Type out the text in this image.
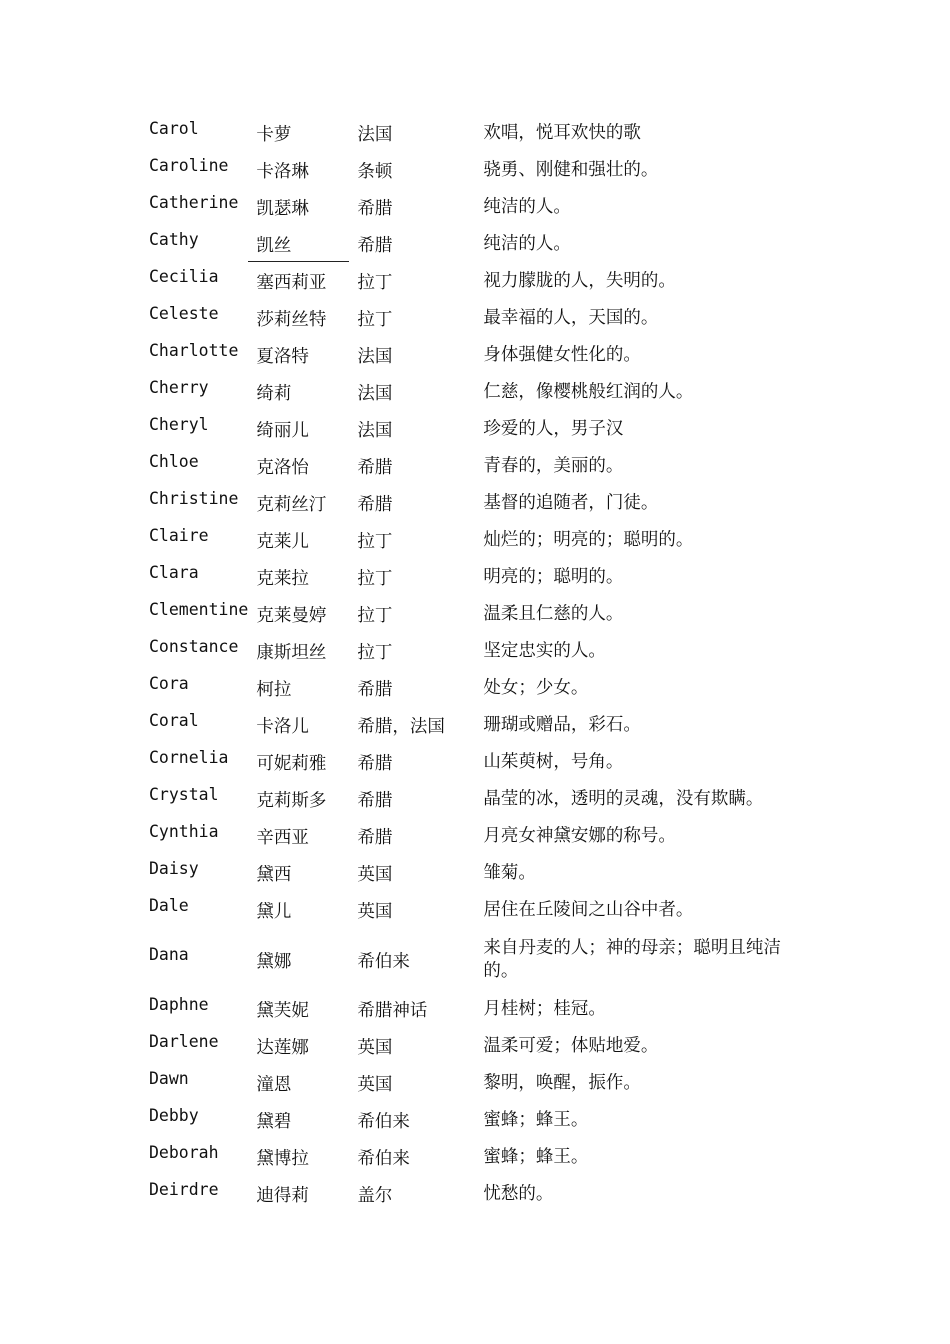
Carol	卡萝	法国	欢唱，悦耳欢快的歌
Caroline	卡洛琳	条顿	骁勇、刚健和强壮的。
Catherine	凯瑟琳	希腊	纯洁的人。
Cathy	凯丝	希腊	纯洁的人。
Cecilia	塞西莉亚	拉丁	视力朦胧的人，失明的。
Celeste	莎莉丝特	拉丁	最幸福的人，天国的。
Charlotte	夏洛特	法国	身体强健女性化的。
Cherry	绮莉	法国	仁慈，像樱桃般红润的人。
Cheryl	绮丽儿	法国	珍爱的人，男子汉
Chloe	克洛怡	希腊	青春的，美丽的。
Christine	克莉丝汀	希腊	基督的追随者，门徒。
Claire	克莱儿	拉丁	灿烂的；明亮的；聪明的。
Clara	克莱拉	拉丁	明亮的；聪明的。
Clementine	克莱曼婷	拉丁	温柔且仁慈的人。
Constance	康斯坦丝	拉丁	坚定忠实的人。
Cora	柯拉	希腊	处女；少女。
Coral	卡洛儿	希腊，法国	珊瑚或赠品，彩石。
Cornelia	可妮莉雅	希腊	山茱萸树，号角。
Crystal	克莉斯多	希腊	晶莹的冰，透明的灵魂，没有欺瞒。
Cynthia	辛西亚	希腊	月亮女神黛安娜的称号。
Daisy	黛西	英国	雏菊。
Dale	黛儿	英国	居住在丘陵间之山谷中者。
Dana	黛娜	希伯来	来自丹麦的人；神的母亲；聪明且纯洁的。
Daphne	黛芙妮	希腊神话	月桂树；桂冠。
Darlene	达莲娜	英国	温柔可爱；体贴地爱。
Dawn	潼恩	英国	黎明，唤醒，振作。
Debby	黛碧	希伯来	蜜蜂；蜂王。
Deborah	黛博拉	希伯来	蜜蜂；蜂王。
Deirdre	迪得莉	盖尔	忧愁的。
